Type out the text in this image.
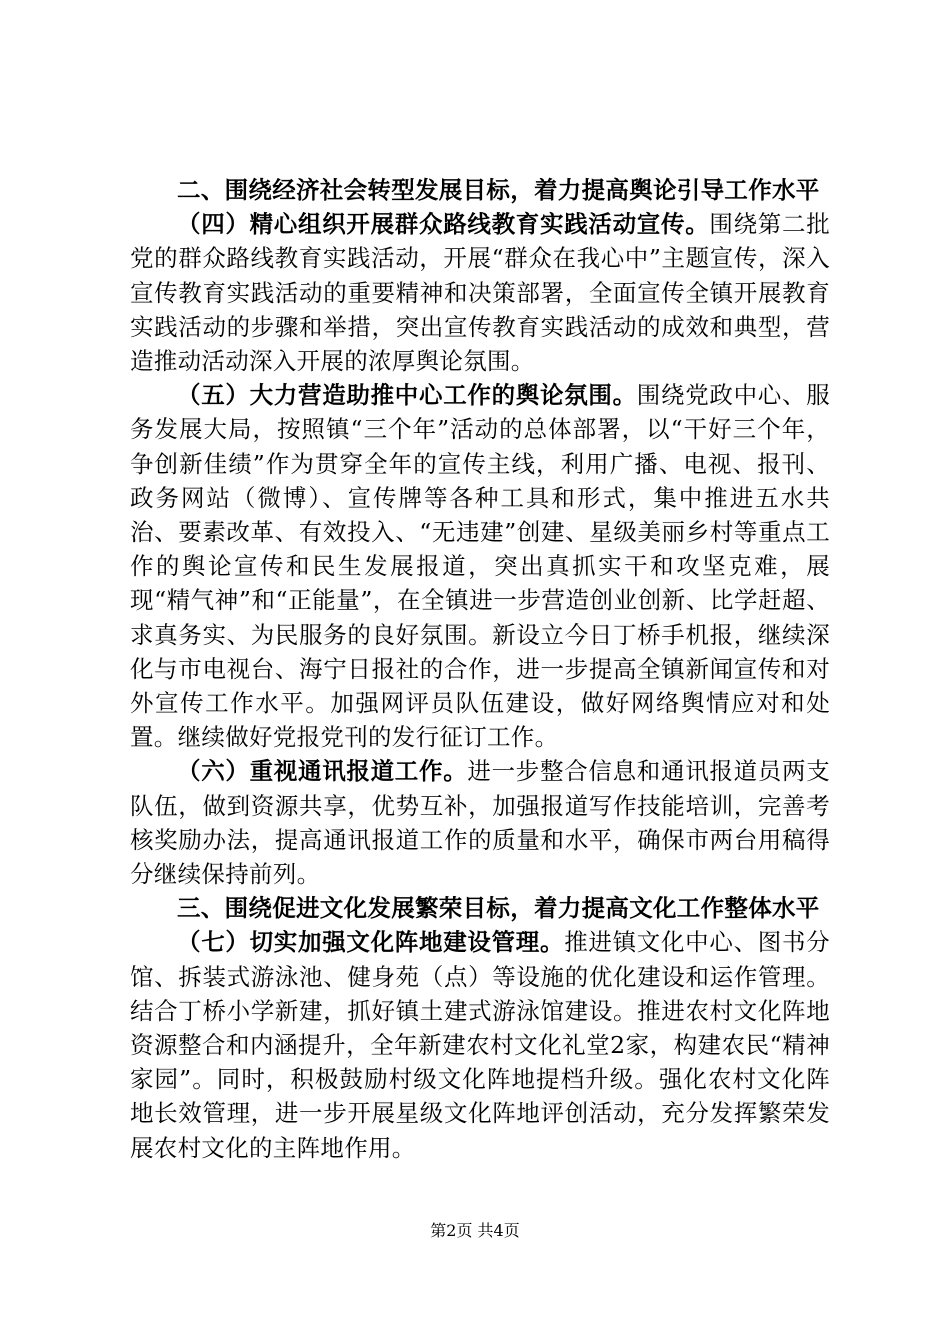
二、围绕经济社会转型发展目标，着力提高舆论引导工作水平

（四）精心组织开展群众路线教育实践活动宣传。围绕第二批党的群众路线教育实践活动，开展“群众在我心中”主题宣传，深入宣传教育实践活动的重要精神和决策部署，全面宣传全镇开展教育实践活动的步骤和举措，突出宣传教育实践活动的成效和典型，营造推动活动深入开展的浓厚舆论氛围。

（五）大力营造助推中心工作的舆论氛围。围绕党政中心、服务发展大局，按照镇“三个年”活动的总体部署，以“干好三个年，争创新佳绩”作为贯穿全年的宣传主线，利用广播、电视、报刊、政务网站（微博）、宣传牌等各种工具和形式，集中推进五水共治、要素改革、有效投入、“无违建”创建、星级美丽乡村等重点工作的舆论宣传和民生发展报道，突出真抓实干和攻坚克难，展现“精气神”和“正能量”，在全镇进一步营造创业创新、比学赶超、求真务实、为民服务的良好氛围。新设立今日丁桥手机报，继续深化与市电视台、海宁日报社的合作，进一步提高全镇新闻宣传和对外宣传工作水平。加强网评员队伍建设，做好网络舆情应对和处置。继续做好党报党刊的发行征订工作。

（六）重视通讯报道工作。进一步整合信息和通讯报道员两支队伍，做到资源共享，优势互补，加强报道写作技能培训，完善考核奖励办法，提高通讯报道工作的质量和水平，确保市两台用稿得分继续保持前列。

三、围绕促进文化发展繁荣目标，着力提高文化工作整体水平

（七）切实加强文化阵地建设管理。推进镇文化中心、图书分馆、拆装式游泳池、健身苑（点）等设施的优化建设和运作管理。结合丁桥小学新建，抓好镇土建式游泳馆建设。推进农村文化阵地资源整合和内涵提升，全年新建农村文化礼堂2家，构建农民“精神家园”。同时，积极鼓励村级文化阵地提档升级。强化农村文化阵地长效管理，进一步开展星级文化阵地评创活动，充分发挥繁荣发展农村文化的主阵地作用。

第2页 共4页
